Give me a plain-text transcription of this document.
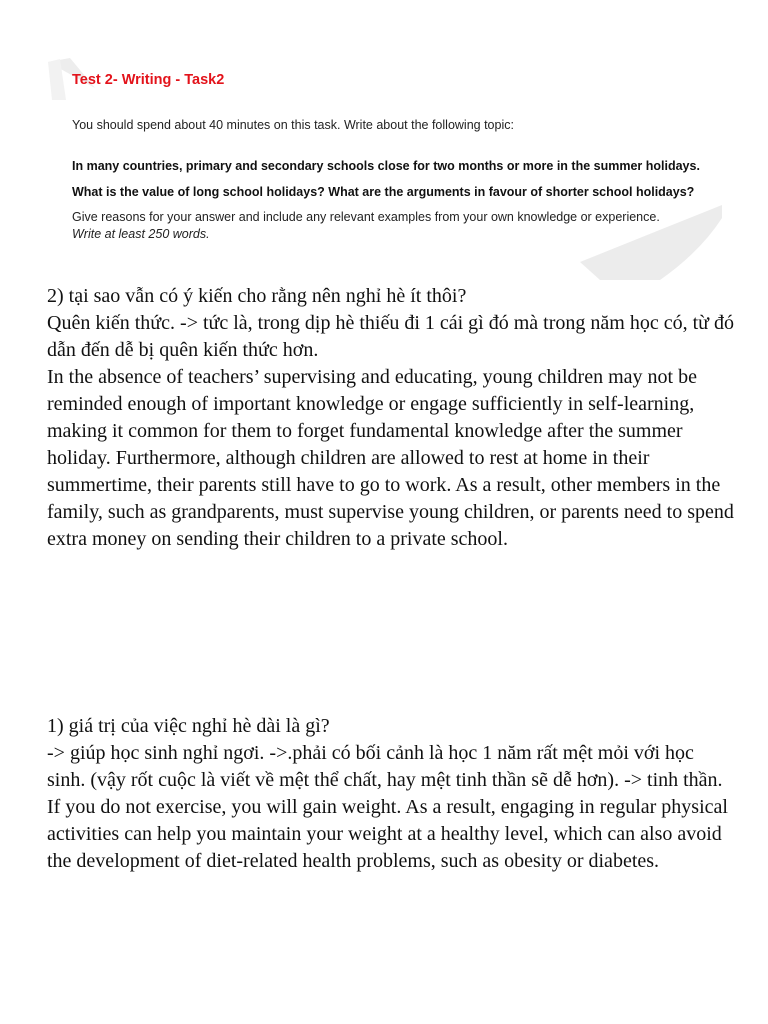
Test 2- Writing - Task2

You should spend about 40 minutes on this task. Write about the following topic:

In many countries, primary and secondary schools close for two months or more in the summer holidays. What is the value of long school holidays? What are the arguments in favour of shorter school holidays?

Give reasons for your answer and include any relevant examples from your own knowledge or experience.

Write at least 250 words.

2) tại sao vẫn có ý kiến cho rằng nên nghỉ hè ít thôi?

Quên kiến thức. -> tức là, trong dịp hè thiếu đi 1 cái gì đó mà trong năm học có, từ đó dẫn đến dễ bị quên kiến thức hơn.

In the absence of teachers’ supervising and educating, young children may not be reminded enough of important knowledge or engage sufficiently in self-learning, making it common for them to forget fundamental knowledge after the summer holiday. Furthermore, although children are allowed to rest at home in their summertime, their parents still have to go to work. As a result, other members in the family, such as grandparents, must supervise young children, or parents need to spend extra money on sending their children to a private school.

1) giá trị của việc nghỉ hè dài là gì?

-> giúp học sinh nghỉ ngơi. ->.phải có bối cảnh là học 1 năm rất mệt mỏi với học sinh. (vậy rốt cuộc là viết về mệt thể chất, hay mệt tinh thần sẽ dễ hơn). -> tinh thần.

If you do not exercise, you will gain weight. As a result, engaging in regular physical activities can help you maintain your weight at a healthy level, which can also avoid the development of diet-related health problems, such as obesity or diabetes.
